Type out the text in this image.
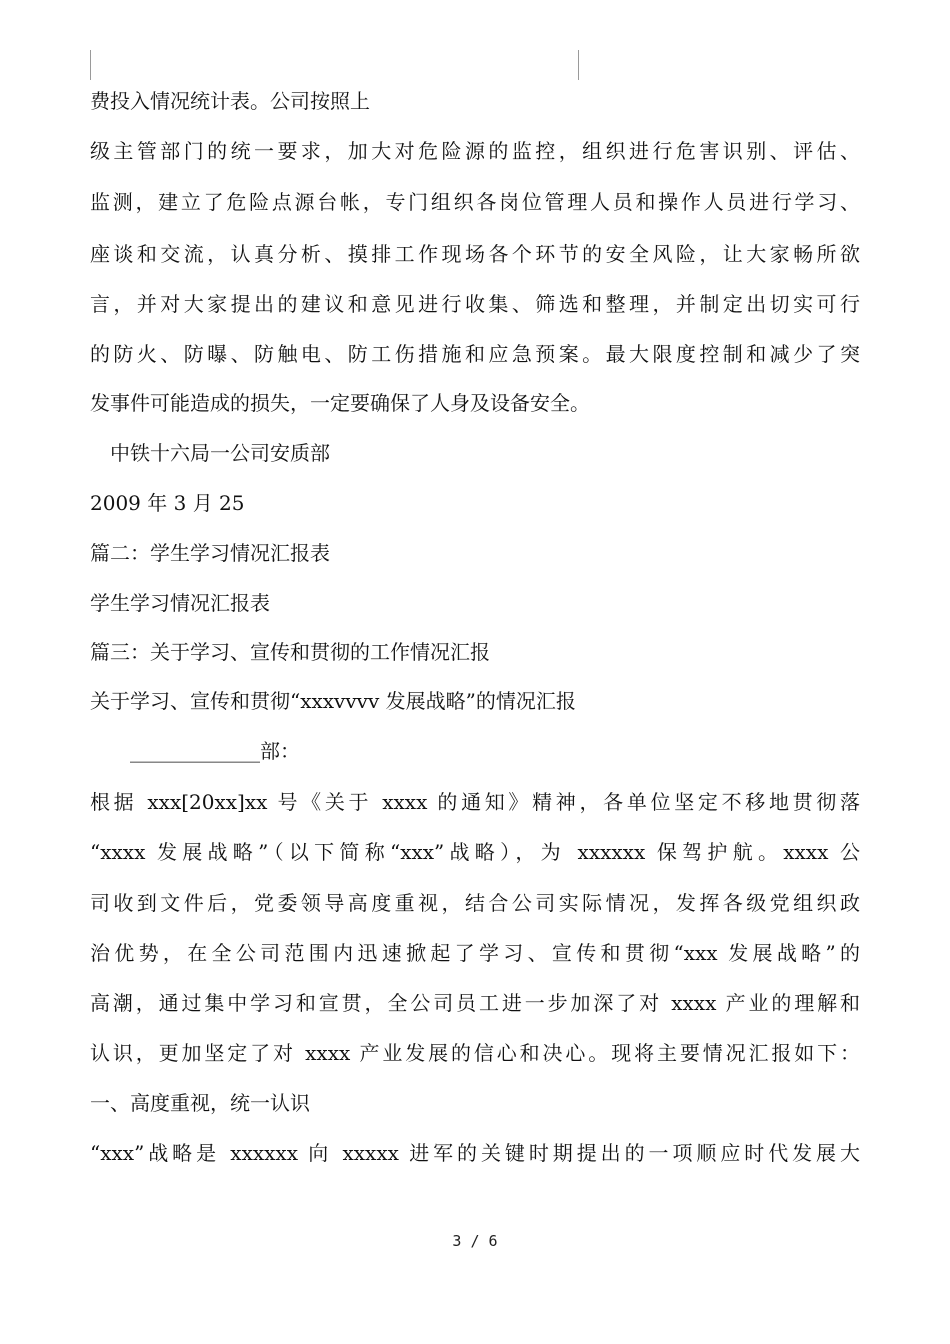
费投入情况统计表。公司按照上
级主管部门的统一要求，加大对危险源的监控，组织进行危害识别、评估、
监测，建立了危险点源台帐，专门组织各岗位管理人员和操作人员进行学习、
座谈和交流，认真分析、摸排工作现场各个环节的安全风险，让大家畅所欲
言，并对大家提出的建议和意见进行收集、筛选和整理，并制定出切实可行
的防火、防曝、防触电、防工伤措施和应急预案。最大限度控制和减少了突
发事件可能造成的损失，一定要确保了人身及设备安全。
　中铁十六局一公司安质部
2009 年 3 月 25
篇二：学生学习情况汇报表
学生学习情况汇报表
篇三：关于学习、宣传和贯彻的工作情况汇报
关于学习、宣传和贯彻“xxxvvvv 发展战略”的情况汇报
　　_____________部：
根据 xxx[20xx]xx 号《关于 xxxx 的通知》精神，各单位坚定不移地贯彻落
“xxxx 发展战略”（以下简称“xxx”战略），为 xxxxxx 保驾护航。xxxx 公
司收到文件后，党委领导高度重视，结合公司实际情况，发挥各级党组织政
治优势，在全公司范围内迅速掀起了学习、宣传和贯彻“xxx 发展战略”的
高潮，通过集中学习和宣贯，全公司员工进一步加深了对 xxxx 产业的理解和
认识，更加坚定了对 xxxx 产业发展的信心和决心。现将主要情况汇报如下：
一、高度重视，统一认识
“xxx”战略是 xxxxxx 向 xxxxx 进军的关键时期提出的一项顺应时代发展大
3 / 6
